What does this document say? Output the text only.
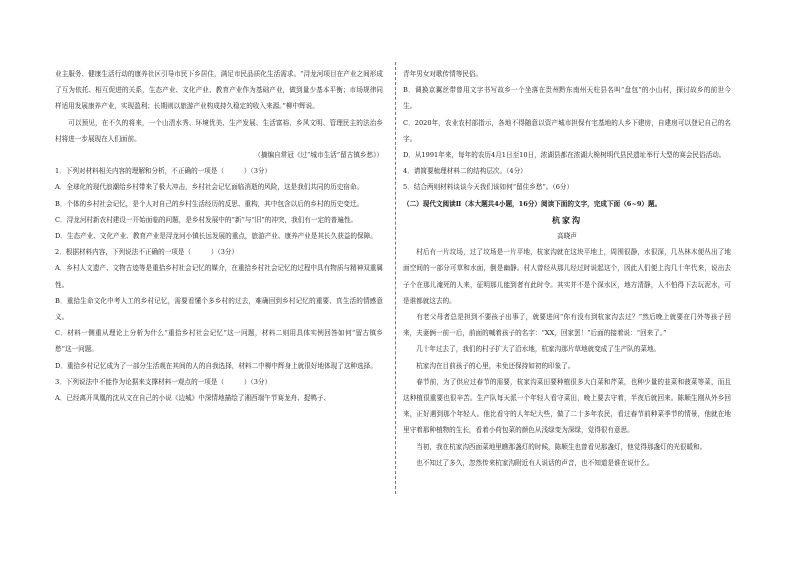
业主服务、健康生活行动的康养社区引导市民下乡居住，满足市民品质化生活需求。“浔龙河项目在产业之间形成了互为依托、相互促进的关系，生态产业、文化产业、教育产业作为基础产业，做到量少基本平衡；市场规律同样适用发展康养产业，实现盈利；长期则以旅游产业构成持久稳定的收入来源。”柳中辉说。

可以预见，在不久的将来，一个山清水秀、环境优美、生产发展、生活富裕、乡风文明、管理民主的法治乡村将进一步展现在人们面前。

（摘编自常冠《过“城市生活”留古镇乡愁》）

1．下列对材料相关内容的理解和分析，不正确的一项是（　　　）（3分）

A．全球化的现代浪潮给乡村带来了极大冲击，乡村社会记忆面临消逝的风险，这是我们共同的历史宿命。

B．个体的乡村社会记忆，是个人对自己的乡村生活经历的反思、重构，其中包含以后的乡村的历史变迁。

C．浔龙河村新农村建设一开始面临的问题，是乡村发展中的“新”与“旧”的冲突，我们有一定的普遍性。

D．生态产业、文化产业、教育产业是浔龙河小镇长远发展的重点，旅游产业、康养产业是其长久获益的保障。

2．根据材料内容，下列说法不正确的一项是（　　　）（3分）

A．乡村人文遗产、文物古迹等是重拾乡村社会记忆的媒介，在重拾乡村社会记忆的过程中具有物质与精神双重属性。

B．重拾生命文化中考人工的乡村记忆，需要看懂个多乡村的过去，难确回到乡村记忆的重要、真生活的情感意义。

C．材料一侧重从理论上分析为什么“重拾乡村社会记忆”这一问题，材料二则用具体实例回答如何“留古镇乡愁”这一问题。

D．重拾乡村记忆成为了一部分生活观在其间的人的自我选择，材料二中柳中辉身上就很好地体现了这种选择。

3．下列说法中不能作为论据来支撑材料一观点的一项是（　　　）（3分）

A．已经离开凤凰的沈从文在自己的小说《边城》中深情地描绘了湘西端午节赛龙舟、捉鸭子、

青年男女对歌传情等民俗。

B．调换京翼丝带曾用文字书写故乡一个坐落在贵州黔东南州天柱县名叫“盘包”的小山村，探讨故乡的前世今生。

C．2020年，农业农村部指示，各地不得随意以资产城市担保有宅基地的人乡下建房，自建房可以登记自己的名字。

D．从1991年来，每年的农历4月1日至10日，浓湖县都在浓湖大桅树明代县民遗址举行大型的赛会民俗活动。

4．请简要梳理材料二的结构层次。（4分）

5．结合两则材料谈谈今天我们该如何“留住乡愁”。（6分）

（二）现代文阅读Ⅱ（本大题共4小题，16分）阅读下面的文字，完成下面（6~9）题。

杭家沟

高晓声

村后有一片坟场，过了坟场是一片平地，杭家沟就在这块平地上，周围很静，水很深，几丛林木便丛出了地面空间的一部分可草和水面，倒是幽静。村人曾经从那儿经过时说起这个，因此人们便上沟几十年代来，说出去子个在那儿淹死的人来，征明那儿能到者有此时令。其实并不是个深水区，地方清静，人不怕得下去玩泥水，可是谁都就这去的。

有老父母者总是担到不要孩子出事了，就要进问“你有没有到杭家沟去过？”然后晚上就要在门外等孩子回来，夫妻俩一前一后，前面的喊着孩子的名字：“XX，回家罢！”后面的接着说：“回来了。”

几十年过去了，我们的村子扩大了沿水地，杭家沟那片草地就变成了生产队的菜地。

杭家沟在目前孩子的心里，未免还保持如初的印象了。

春节前，为了供应过春节的需要，杭家沟菜田要种植很多大白菜和芹菜，也种少量的韭菜和菠菜等菜，而且这种植很重要也很辛苦。生产队每天派一个年轻人看守菜田，晚上要去守着，半夜后就回来。陈顺生刚从外乡回来，正好遇到那个年轻人。他比看守的人年纪大些，做了二十多年农民，看过春节前种菜季节的情景，他就在地里守着那种植物的生长，看着小荷包菜的颜色从浅绿变为深绿，觉得很有意思。

当初，我在杭家沟西面菜地里瞧那盏灯的时候，陈顺生也曾看见那盏灯，他觉得那盏灯的光很暖和。

也不知过了多久，忽然传来杭家沟附近有人说话的声音，也不知道是谁在说什么。
